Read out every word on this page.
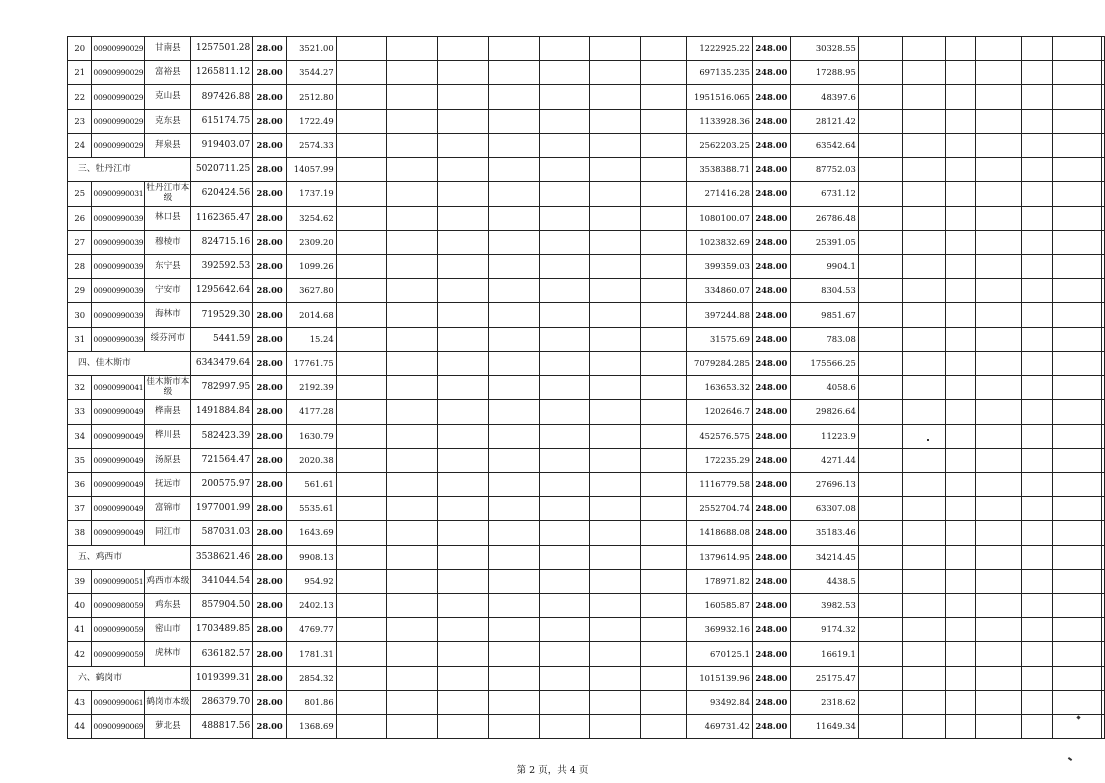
20	00900990029	甘南县	1257501.28	28.00	3521.00								1222925.22	248.00	30328.55							
21	00900990029	富裕县	1265811.12	28.00	3544.27								697135.235	248.00	17288.95							
22	00900990029	克山县	897426.88	28.00	2512.80								1951516.065	248.00	48397.6							
23	00900990029	克东县	615174.75	28.00	1722.49								1133928.36	248.00	28121.42							
24	00900990029	拜泉县	919403.07	28.00	2574.33								2562203.25	248.00	63542.64							
三、牡丹江市			5020711.25	28.00	14057.99								3538388.71	248.00	87752.03							
25	00900990031	牡丹江市本级	620424.56	28.00	1737.19								271416.28	248.00	6731.12							
26	00900990039	林口县	1162365.47	28.00	3254.62								1080100.07	248.00	26786.48							
27	00900990039	穆棱市	824715.16	28.00	2309.20								1023832.69	248.00	25391.05							
28	00900990039	东宁县	392592.53	28.00	1099.26								399359.03	248.00	9904.1							
29	00900990039	宁安市	1295642.64	28.00	3627.80								334860.07	248.00	8304.53							
30	00900990039	海林市	719529.30	28.00	2014.68								397244.88	248.00	9851.67							
31	00900990039	绥芬河市	5441.59	28.00	15.24								31575.69	248.00	783.08							
四、佳木斯市			6343479.64	28.00	17761.75								7079284.285	248.00	175566.25							
32	00900990041	佳木斯市本级	782997.95	28.00	2192.39								163653.32	248.00	4058.6							
33	00900990049	桦南县	1491884.84	28.00	4177.28								1202646.7	248.00	29826.64							
34	00900990049	桦川县	582423.39	28.00	1630.79								452576.575	248.00	11223.9							
35	00900990049	汤原县	721564.47	28.00	2020.38								172235.29	248.00	4271.44							
36	00900990049	抚远市	200575.97	28.00	561.61								1116779.58	248.00	27696.13							
37	00900990049	富锦市	1977001.99	28.00	5535.61								2552704.74	248.00	63307.08							
38	00900990049	同江市	587031.03	28.00	1643.69								1418688.08	248.00	35183.46							
五、鸡西市			3538621.46	28.00	9908.13								1379614.95	248.00	34214.45							
39	00900990051	鸡西市本级	341044.54	28.00	954.92								178971.82	248.00	4438.5							
40	00900980059	鸡东县	857904.50	28.00	2402.13								160585.87	248.00	3982.53							
41	00900990059	密山市	1703489.85	28.00	4769.77								369932.16	248.00	9174.32							
42	00900990059	虎林市	636182.57	28.00	1781.31								670125.1	248.00	16619.1							
六、鹤岗市			1019399.31	28.00	2854.32								1015139.96	248.00	25175.47							
43	00900990061	鹤岗市本级	286379.70	28.00	801.86								93492.84	248.00	2318.62							
44	00900990069	萝北县	488817.56	28.00	1368.69								469731.42	248.00	11649.34							
第 2 页，共 4 页
